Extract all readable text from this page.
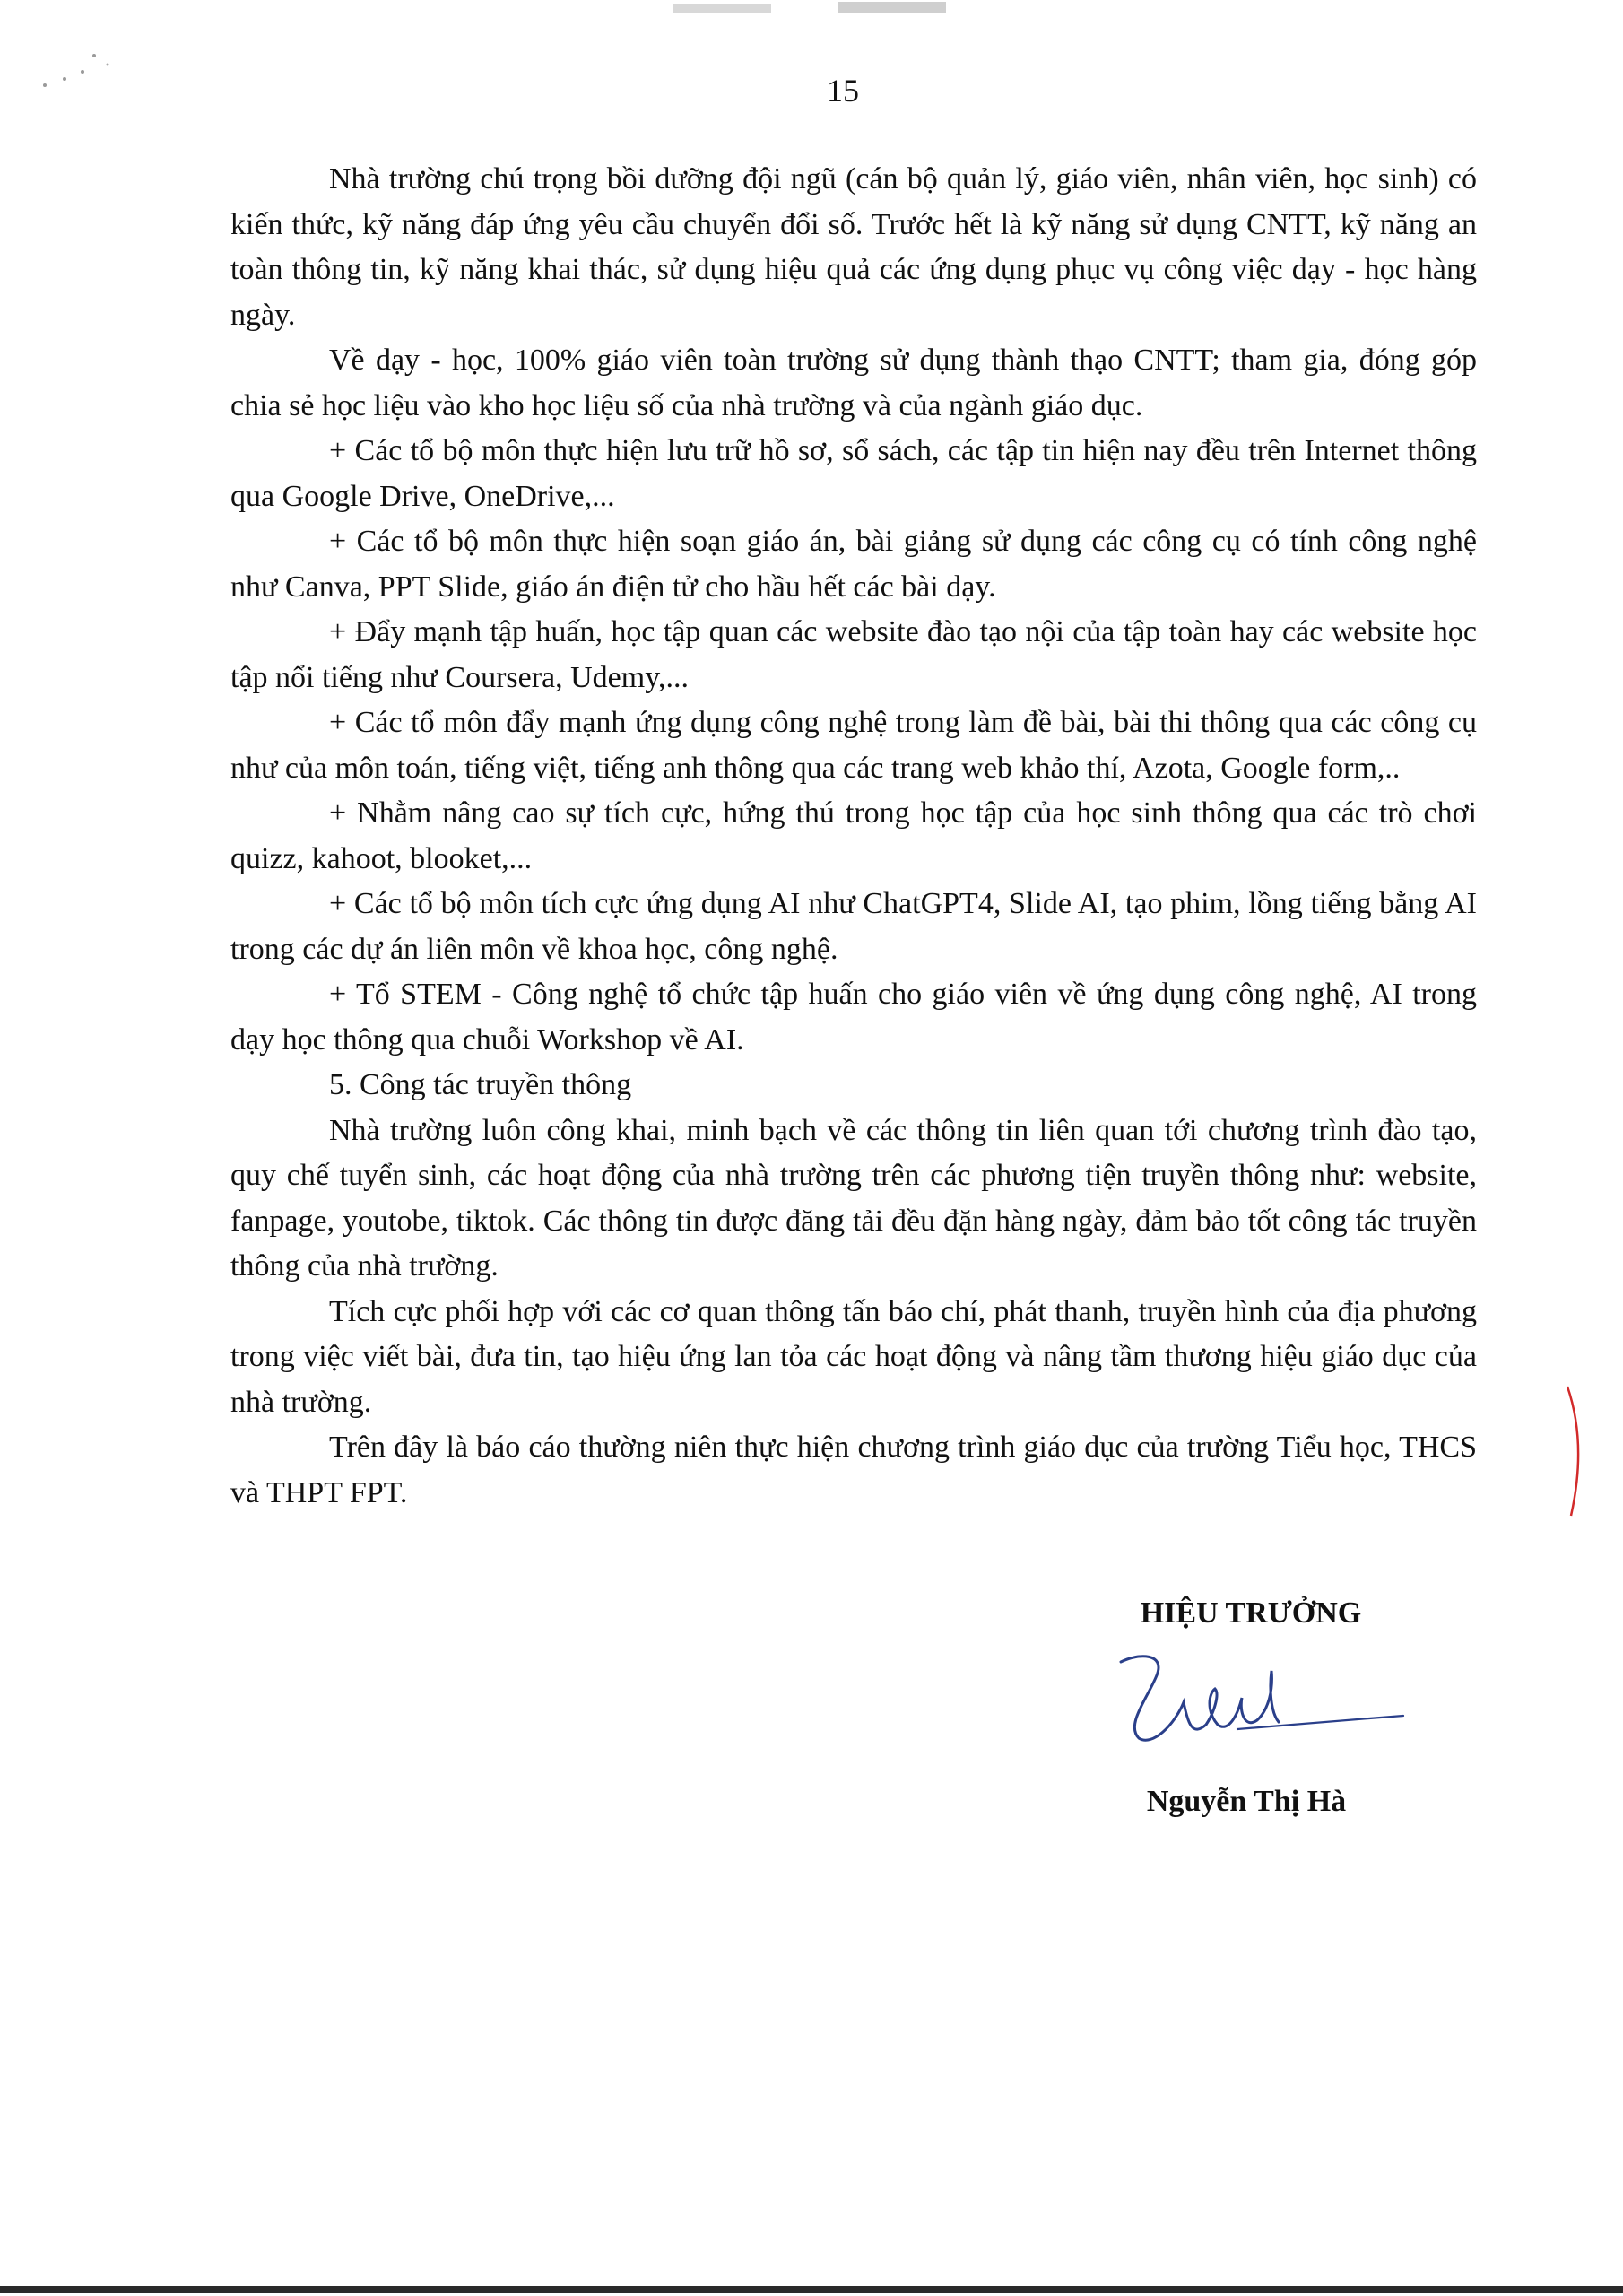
15

Nhà trường chú trọng bồi dưỡng đội ngũ (cán bộ quản lý, giáo viên, nhân viên, học sinh) có kiến thức, kỹ năng đáp ứng yêu cầu chuyển đổi số. Trước hết là kỹ năng sử dụng CNTT, kỹ năng an toàn thông tin, kỹ năng khai thác, sử dụng hiệu quả các ứng dụng phục vụ công việc dạy - học hàng ngày.

Về dạy - học, 100% giáo viên toàn trường sử dụng thành thạo CNTT; tham gia, đóng góp chia sẻ học liệu vào kho học liệu số của nhà trường và của ngành giáo dục.

+ Các tổ bộ môn thực hiện lưu trữ hồ sơ, sổ sách, các tập tin hiện nay đều trên Internet thông qua Google Drive, OneDrive,...

+ Các tổ bộ môn thực hiện soạn giáo án, bài giảng sử dụng các công cụ có tính công nghệ như Canva, PPT Slide, giáo án điện tử cho hầu hết các bài dạy.

+ Đẩy mạnh tập huấn, học tập quan các website đào tạo nội của tập toàn hay các website học tập nổi tiếng như Coursera, Udemy,...

+ Các tổ môn đẩy mạnh ứng dụng công nghệ trong làm đề bài, bài thi thông qua các công cụ như của môn toán, tiếng việt, tiếng anh thông qua các trang web khảo thí, Azota, Google form,..

+ Nhằm nâng cao sự tích cực, hứng thú trong học tập của học sinh thông qua các trò chơi quizz, kahoot, blooket,...

+ Các tổ bộ môn tích cực ứng dụng AI như ChatGPT4, Slide AI, tạo phim, lồng tiếng bằng AI trong các dự án liên môn về khoa học, công nghệ.

+ Tổ STEM - Công nghệ tổ chức tập huấn cho giáo viên về ứng dụng công nghệ, AI trong dạy học thông qua chuỗi Workshop về AI.

5. Công tác truyền thông

Nhà trường luôn công khai, minh bạch về các thông tin liên quan tới chương trình đào tạo, quy chế tuyển sinh, các hoạt động của nhà trường trên các phương tiện truyền thông như: website, fanpage, youtobe, tiktok. Các thông tin được đăng tải đều đặn hàng ngày, đảm bảo tốt công tác truyền thông của nhà trường.

Tích cực phối hợp với các cơ quan thông tấn báo chí, phát thanh, truyền hình của địa phương trong việc viết bài, đưa tin, tạo hiệu ứng lan tỏa các hoạt động và nâng tầm thương hiệu giáo dục của nhà trường.

Trên đây là báo cáo thường niên thực hiện chương trình giáo dục của trường Tiểu học, THCS và THPT FPT.

HIỆU TRƯỞNG

Nguyễn Thị Hà
